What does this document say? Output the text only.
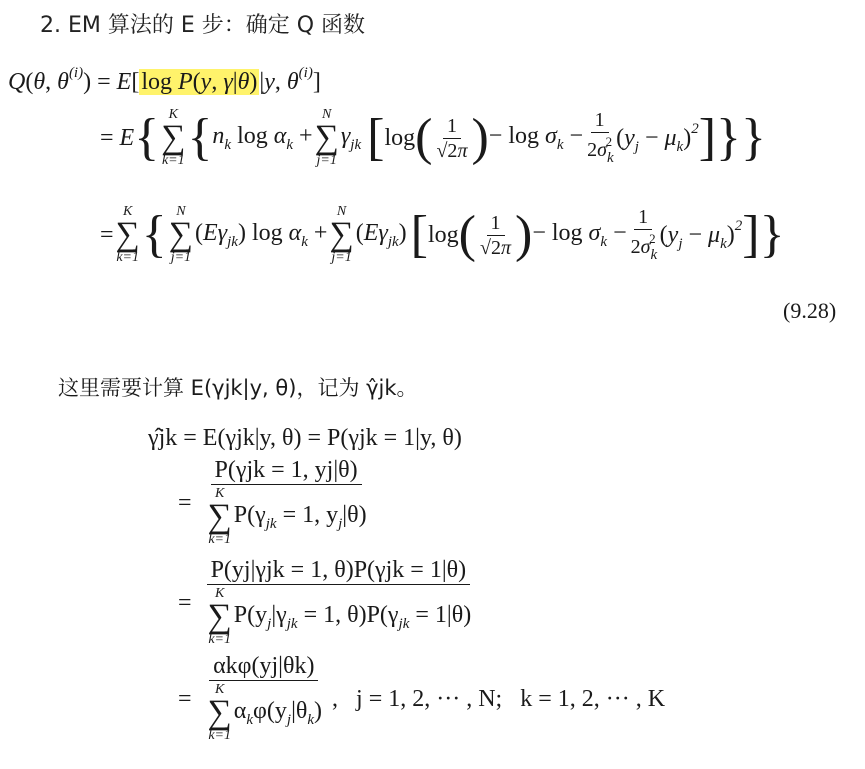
2. EM 算法的 E 步：确定 Q 函数
Q(θ, $\theta^{(i)}) = E[\log$ P(y, γ|θ)|y, $\theta^{(i)}$]
= E { K
∑
k=1 { $n_k$ $\log \alpha_k$ +
N
∑
j=1
$\gamma_{jk}$ [ log ( $\frac{1}{√2\pi}$ ) − $\log \sigma_k - \frac{1}{2\sigma_k^2} (y_j - \mu_k)^2$ ] } }
=
K
∑
k=1 { N
∑
j=1
$(E\gamma_{jk})$ $\log \alpha_k$ +
N
∑
j=1
$(E\gamma_{jk})$ [ log ( $\frac{1}{√2\pi}$ ) − $\log \sigma_k - \frac{1}{2\sigma_k^2} (y_j - \mu_k)^2$ ] }
(9.28)
这里需要计算 E(γjk|y, θ)，记为 γ̂jk。
γ̂jk = E(γjk|y, θ) = P(γjk = 1|y, θ)
= P(γjk = 1, yj|θ)
K
∑
k=1
$P(\gamma_{jk} = 1$, $y_j|\theta$)
= P(yj|γjk = 1, θ)P(γjk = 1|θ)
K
∑
k=1
$P(y_j|\gamma_{jk} = 1$, $\theta)P(\gamma_{jk} = 1|\theta)$
= αkφ(yj|θk)
K
∑
k=1
$\alpha_k\varphi(y_j|\theta_k)$ ,   j = 1, 2, ··· , N;   k = 1, 2, ··· , K
